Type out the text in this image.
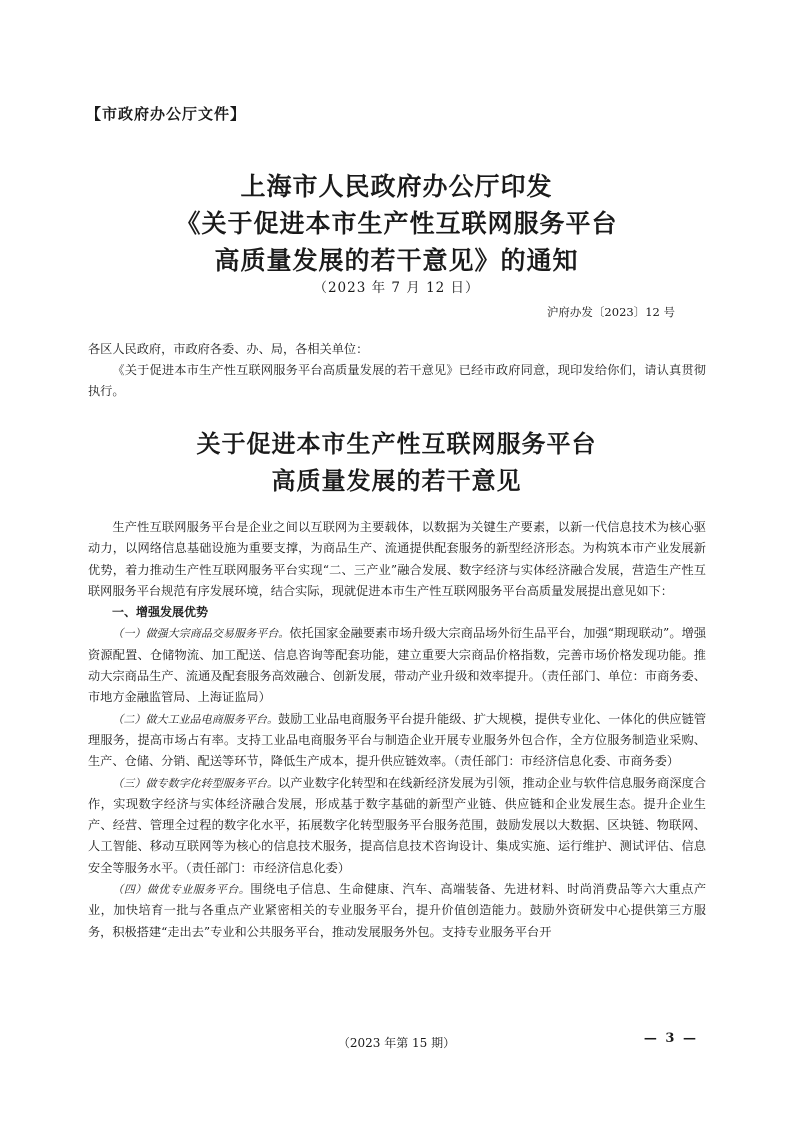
【市政府办公厅文件】
上海市人民政府办公厅印发
《关于促进本市生产性互联网服务平台
高质量发展的若干意见》的通知
（2023 年 7 月 12 日）
沪府办发〔2023〕12 号
各区人民政府，市政府各委、办、局，各相关单位：
《关于促进本市生产性互联网服务平台高质量发展的若干意见》已经市政府同意，现印发给你们，请认真贯彻执行。
关于促进本市生产性互联网服务平台
高质量发展的若干意见

生产性互联网服务平台是企业之间以互联网为主要载体，以数据为关键生产要素，以新一代信息技术为核心驱动力，以网络信息基础设施为重要支撑，为商品生产、流通提供配套服务的新型经济形态。为构筑本市产业发展新优势，着力推动生产性互联网服务平台实现“二、三产业”融合发展、数字经济与实体经济融合发展，营造生产性互联网服务平台规范有序发展环境，结合实际，现就促进本市生产性互联网服务平台高质量发展提出意见如下：

一、增强发展优势

（一）做强大宗商品交易服务平台。依托国家金融要素市场升级大宗商品场外衍生品平台，加强“期现联动”。增强资源配置、仓储物流、加工配送、信息咨询等配套功能，建立重要大宗商品价格指数，完善市场价格发现功能。推动大宗商品生产、流通及配套服务高效融合、创新发展，带动产业升级和效率提升。（责任部门、单位：市商务委、市地方金融监管局、上海证监局）

（二）做大工业品电商服务平台。鼓励工业品电商服务平台提升能级、扩大规模，提供专业化、一体化的供应链管理服务，提高市场占有率。支持工业品电商服务平台与制造企业开展专业服务外包合作，全方位服务制造业采购、生产、仓储、分销、配送等环节，降低生产成本，提升供应链效率。（责任部门：市经济信息化委、市商务委）

（三）做专数字化转型服务平台。以产业数字化转型和在线新经济发展为引领，推动企业与软件信息服务商深度合作，实现数字经济与实体经济融合发展，形成基于数字基础的新型产业链、供应链和企业发展生态。提升企业生产、经营、管理全过程的数字化水平，拓展数字化转型服务平台服务范围，鼓励发展以大数据、区块链、物联网、人工智能、移动互联网等为核心的信息技术服务，提高信息技术咨询设计、集成实施、运行维护、测试评估、信息安全等服务水平。（责任部门：市经济信息化委）

（四）做优专业服务平台。围绕电子信息、生命健康、汽车、高端装备、先进材料、时尚消费品等六大重点产业，加快培育一批与各重点产业紧密相关的专业服务平台，提升价值创造能力。鼓励外资研发中心提供第三方服务，积极搭建“走出去”专业和公共服务平台，推动发展服务外包。支持专业服务平台开

（2023 年第 15 期）	— 3 —
